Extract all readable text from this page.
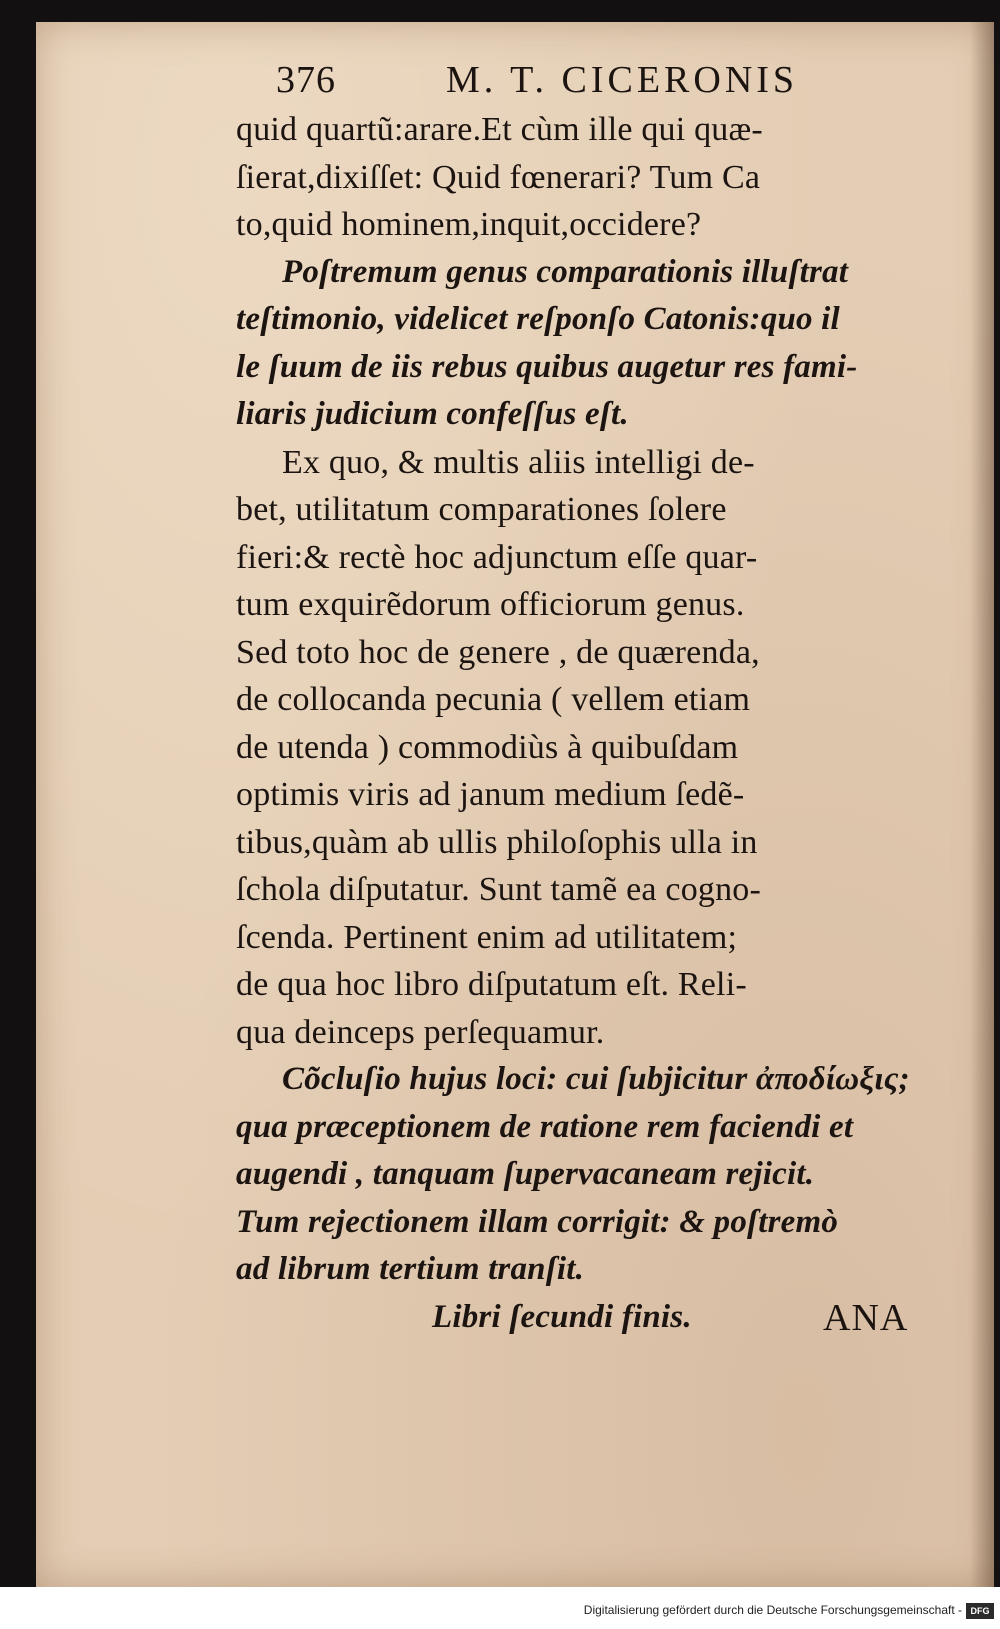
376	M. T. CICERONIS
quid quartũ:arare.Et cùm ille qui quæ-
ſierat,dixiſſet: Quid fœnerari? Tum Ca
to,quid hominem,inquit,occidere?
Poſtremum genus comparationis illuſtrat
teſtimonio, videlicet reſponſo Catonis:quo il
le ſuum de iis rebus quibus augetur res fami-
liaris judicium confeſſus eſt.
Ex quo, & multis aliis intelligi de-
bet, utilitatum comparationes ſolere
fieri:& rectè hoc adjunctum eſſe quar-
tum exquirẽdorum officiorum genus.
Sed toto hoc de genere , de quærenda,
de collocanda pecunia ( vellem etiam
de utenda ) commodiùs à quibuſdam
optimis viris ad janum medium ſedẽ-
tibus,quàm ab ullis philoſophis ulla in
ſchola diſputatur. Sunt tamẽ ea cogno-
ſcenda. Pertinent enim ad utilitatem;
de qua hoc libro diſputatum eſt. Reli-
qua deinceps perſequamur.
Cõcluſio hujus loci: cui ſubjicitur ἀποδίωξις;
qua præceptionem de ratione rem faciendi et
augendi , tanquam ſupervacaneam rejicit.
Tum rejectionem illam corrigit: & poſtremò
ad librum tertium tranſit.
Libri ſecundi finis.	ANA
Digitalisierung gefördert durch die Deutsche Forschungsgemeinschaft - DFG
